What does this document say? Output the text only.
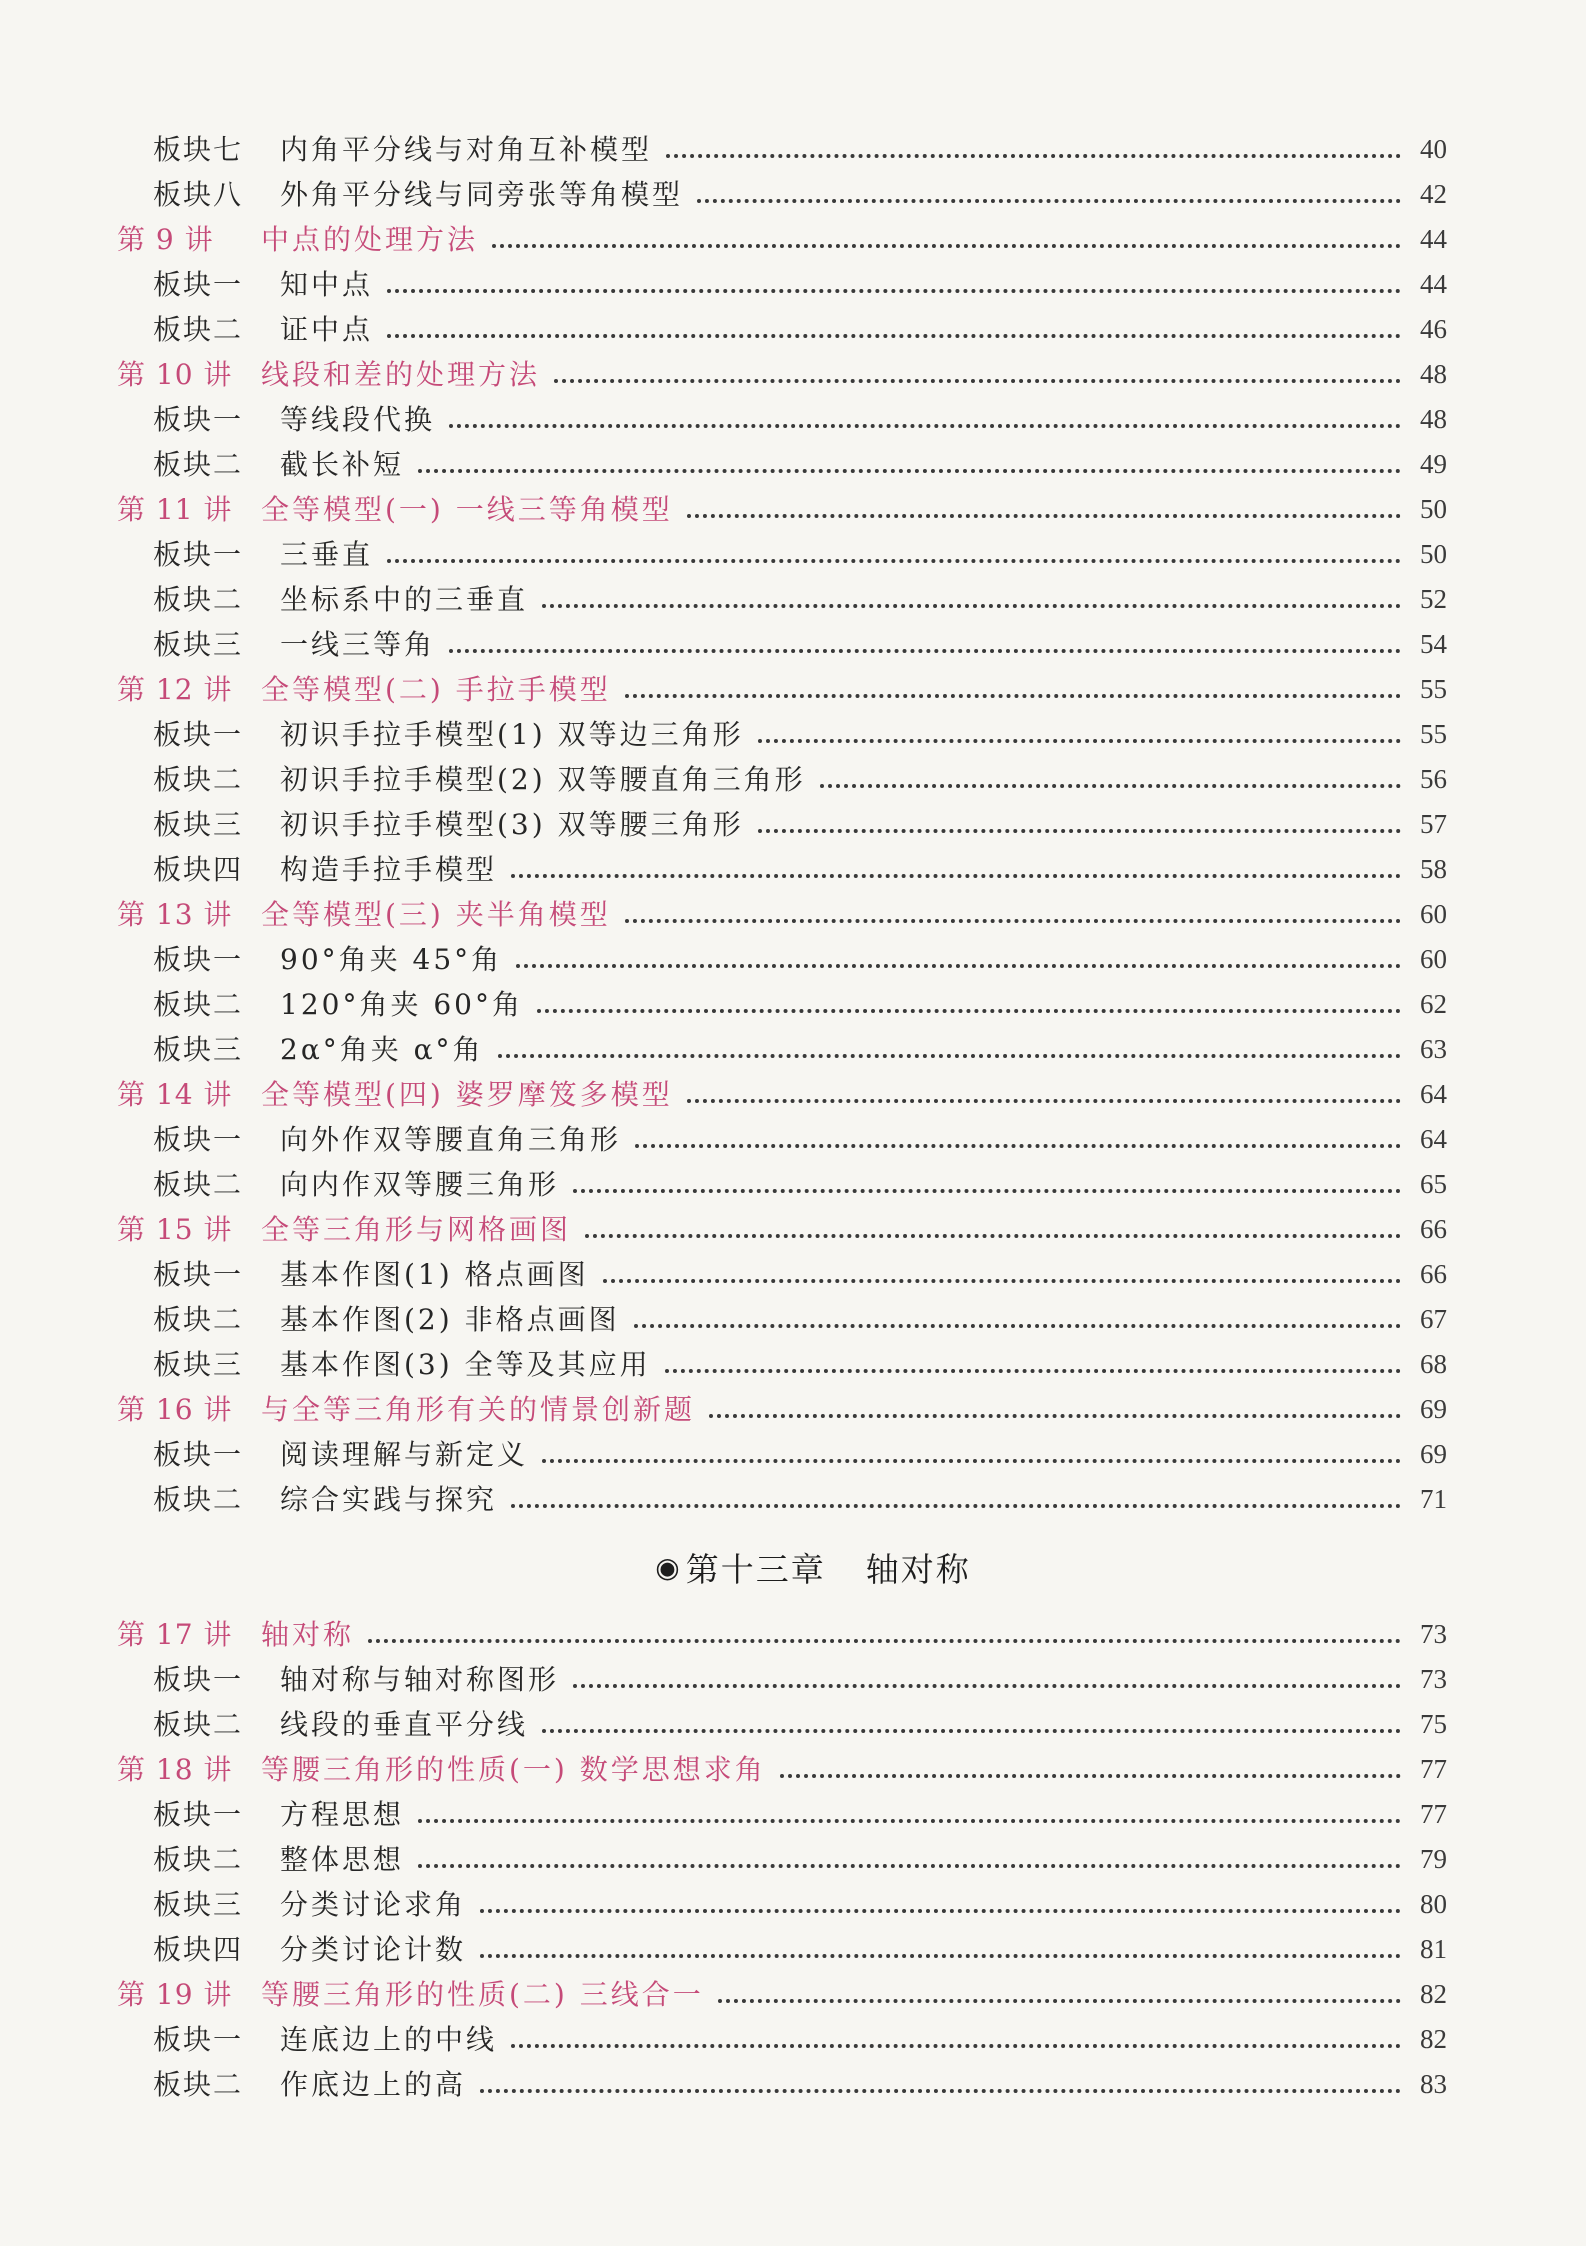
板块七	内角平分线与对角互补模型	40
板块八	外角平分线与同旁张等角模型	42
第 9 讲	中点的处理方法	44
板块一	知中点	44
板块二	证中点	46
第 10 讲	线段和差的处理方法	48
板块一	等线段代换	48
板块二	截长补短	49
第 11 讲	全等模型(一) 一线三等角模型	50
板块一	三垂直	50
板块二	坐标系中的三垂直	52
板块三	一线三等角	54
第 12 讲	全等模型(二) 手拉手模型	55
板块一	初识手拉手模型(1) 双等边三角形	55
板块二	初识手拉手模型(2) 双等腰直角三角形	56
板块三	初识手拉手模型(3) 双等腰三角形	57
板块四	构造手拉手模型	58
第 13 讲	全等模型(三) 夹半角模型	60
板块一	90°角夹 45°角	60
板块二	120°角夹 60°角	62
板块三	2α°角夹 α°角	63
第 14 讲	全等模型(四) 婆罗摩笈多模型	64
板块一	向外作双等腰直角三角形	64
板块二	向内作双等腰三角形	65
第 15 讲	全等三角形与网格画图	66
板块一	基本作图(1) 格点画图	66
板块二	基本作图(2) 非格点画图	67
板块三	基本作图(3) 全等及其应用	68
第 16 讲	与全等三角形有关的情景创新题	69
板块一	阅读理解与新定义	69
板块二	综合实践与探究	71
◉ 第十三章 轴对称
第 17 讲	轴对称	73
板块一	轴对称与轴对称图形	73
板块二	线段的垂直平分线	75
第 18 讲	等腰三角形的性质(一) 数学思想求角	77
板块一	方程思想	77
板块二	整体思想	79
板块三	分类讨论求角	80
板块四	分类讨论计数	81
第 19 讲	等腰三角形的性质(二) 三线合一	82
板块一	连底边上的中线	82
板块二	作底边上的高	83
